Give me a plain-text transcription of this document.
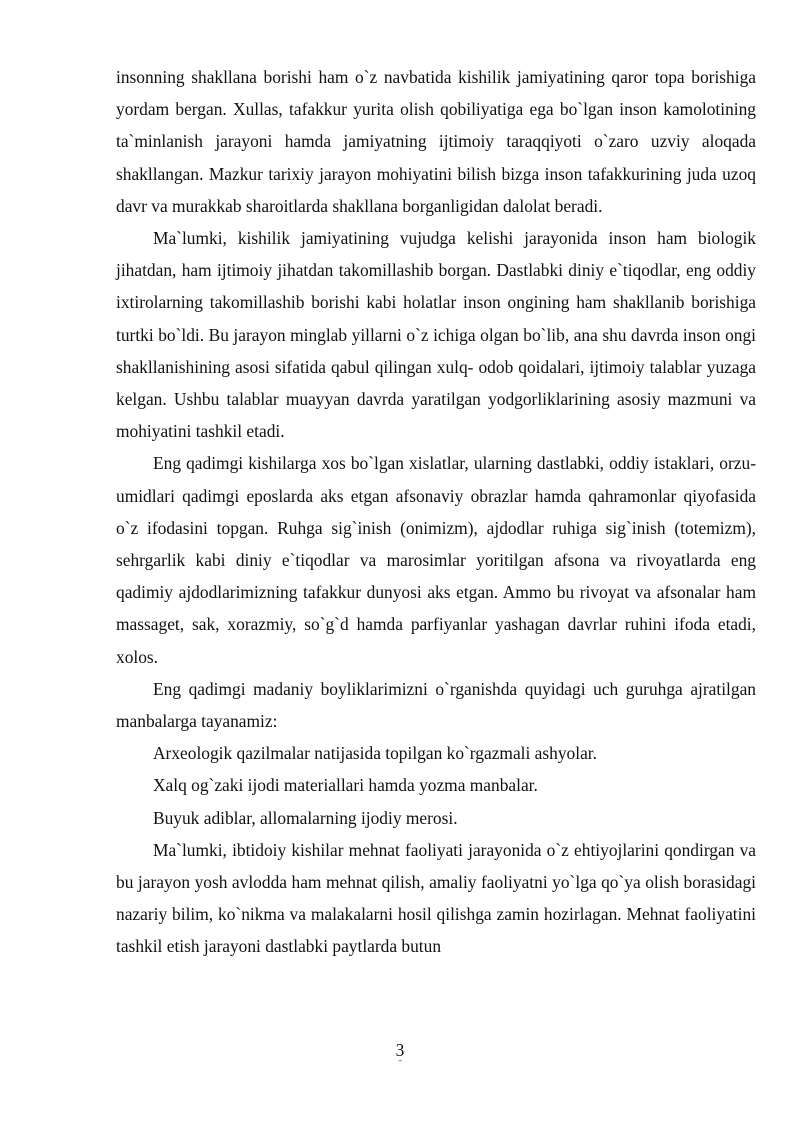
insonning shakllana borishi ham o`z navbatida kishilik jamiyatining qaror topa borishiga yordam bergan. Xullas, tafakkur yurita olish qobiliyatiga ega bo`lgan inson kamolotining ta`minlanish jarayoni hamda jamiyatning ijtimoiy taraqqiyoti o`zaro uzviy aloqada shakllangan. Mazkur tarixiy jarayon mohiyatini bilish bizga inson tafakkurining juda uzoq davr va murakkab sharoitlarda shakllana borganligidan dalolat beradi.

Ma`lumki, kishilik jamiyatining vujudga kelishi jarayonida inson ham biologik jihatdan, ham ijtimoiy jihatdan takomillashib borgan. Dastlabki diniy e`tiqodlar, eng oddiy ixtirolarning takomillashib borishi kabi holatlar inson ongining ham shakllanib borishiga turtki bo`ldi. Bu jarayon minglab yillarni o`z ichiga olgan bo`lib, ana shu davrda inson ongi shakllanishining asosi sifatida qabul qilingan xulq- odob qoidalari, ijtimoiy talablar yuzaga kelgan. Ushbu talablar muayyan davrda yaratilgan yodgorliklarining asosiy mazmuni va mohiyatini tashkil etadi.

Eng qadimgi kishilarga xos bo`lgan xislatlar, ularning dastlabki, oddiy istaklari, orzu-umidlari qadimgi eposlarda aks etgan afsonaviy obrazlar hamda qahramonlar qiyofasida o`z ifodasini topgan. Ruhga sig`inish (onimizm), ajdodlar ruhiga sig`inish (totemizm), sehrgarlik kabi diniy e`tiqodlar va marosimlar yoritilgan afsona va rivoyatlarda eng qadimiy ajdodlarimizning tafakkur dunyosi aks etgan. Ammo bu rivoyat va afsonalar ham massaget, sak, xorazmiy, so`g`d hamda parfiyanlar yashagan davrlar ruhini ifoda etadi, xolos.

Eng qadimgi madaniy boyliklarimizni o`rganishda quyidagi uch guruhga ajratilgan manbalarga tayanamiz:

Arxeologik qazilmalar natijasida topilgan ko`rgazmali ashyolar.

Xalq og`zaki ijodi materiallari hamda yozma manbalar.

Buyuk adiblar, allomalarning ijodiy merosi.

Ma`lumki, ibtidoiy kishilar mehnat faoliyati jarayonida o`z ehtiyojlarini qondirgan va bu jarayon yosh avlodda ham mehnat qilish, amaliy faoliyatni yo`lga qo`ya olish borasidagi nazariy bilim, ko`nikma va malakalarni hosil qilishga zamin hozirlagan. Mehnat faoliyatini tashkil etish jarayoni dastlabki paytlarda butun

3
˜
